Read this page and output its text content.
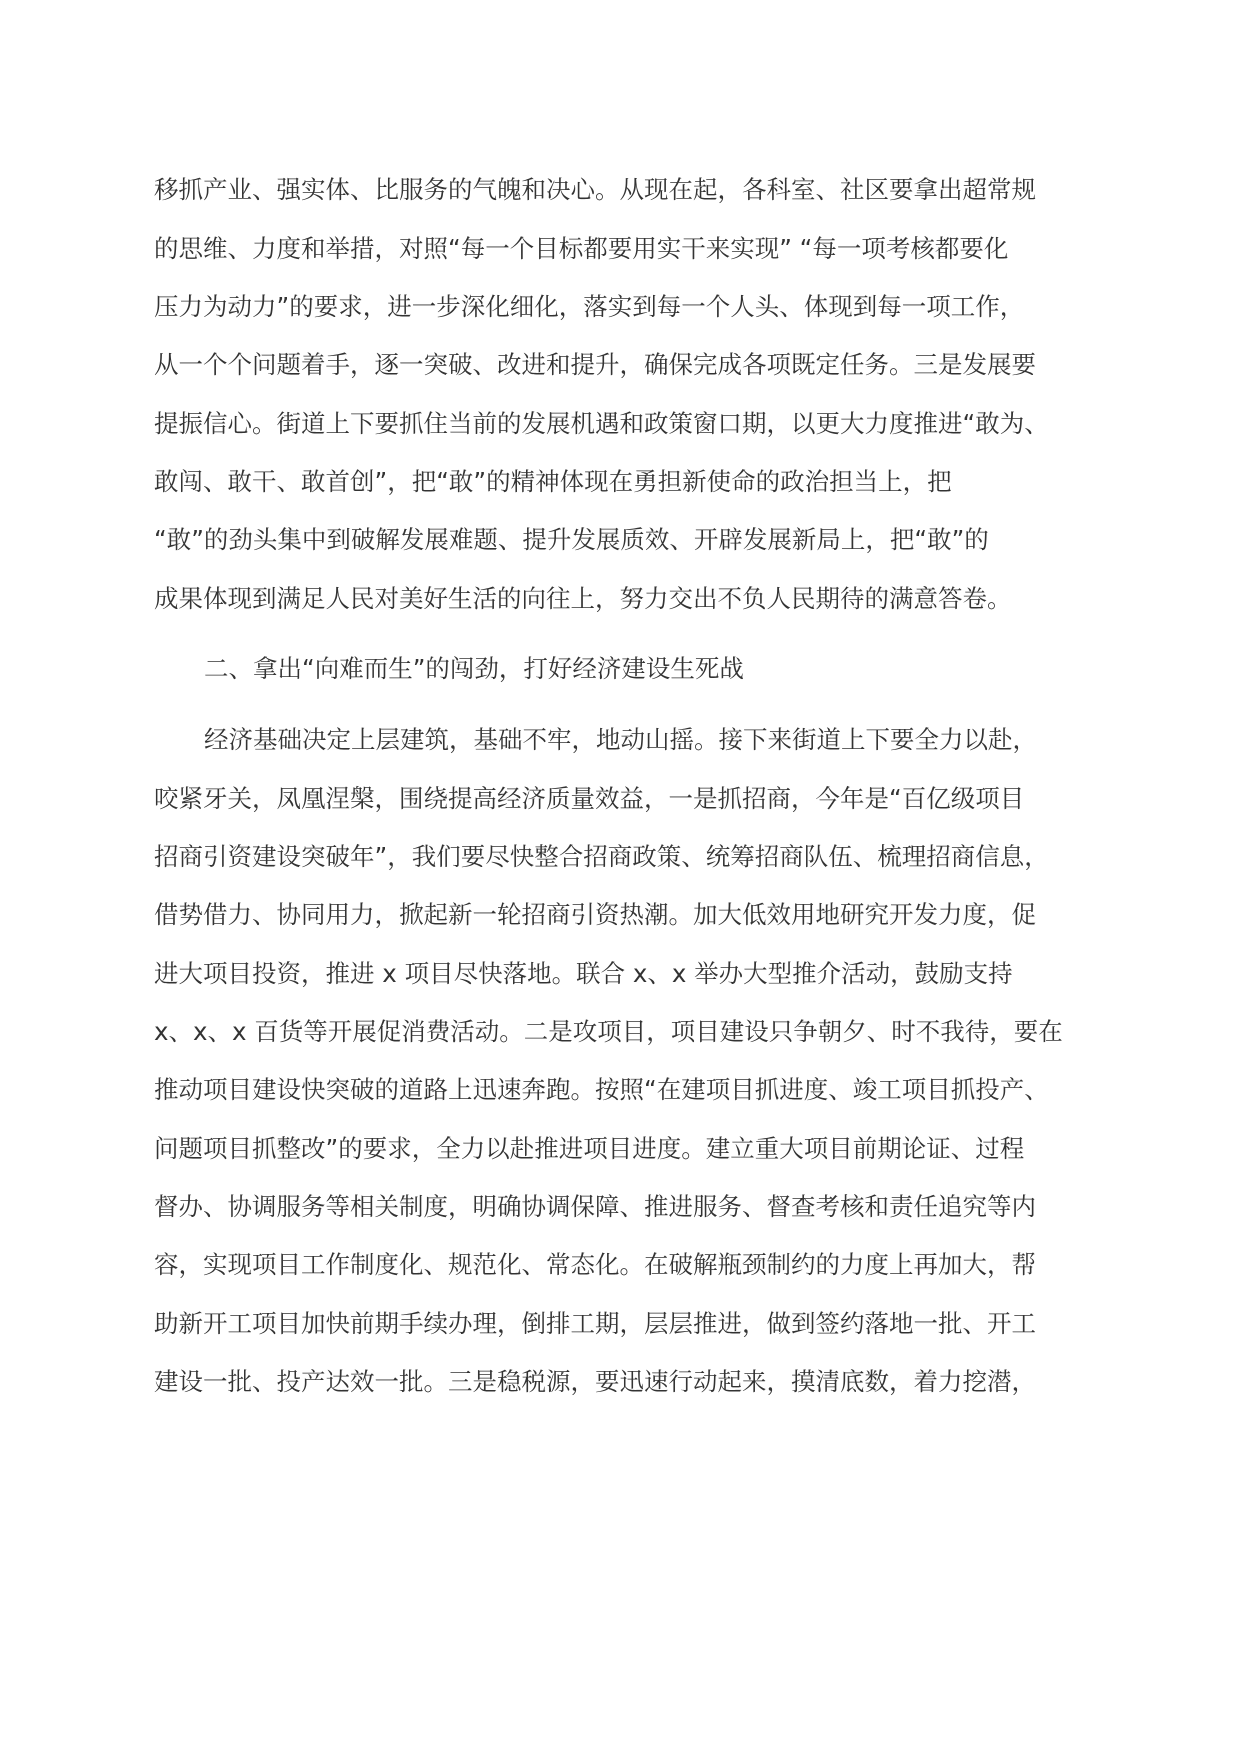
移抓产业、强实体、比服务的气魄和决心。从现在起，各科室、社区要拿出超常规
的思维、力度和举措，对照“每一个目标都要用实干来实现” “每一项考核都要化
压力为动力”的要求，进一步深化细化，落实到每一个人头、体现到每一项工作，
从一个个问题着手，逐一突破、改进和提升，确保完成各项既定任务。三是发展要
提振信心。街道上下要抓住当前的发展机遇和政策窗口期，以更大力度推进“敢为、
敢闯、敢干、敢首创”，把“敢”的精神体现在勇担新使命的政治担当上，把
“敢”的劲头集中到破解发展难题、提升发展质效、开辟发展新局上，把“敢”的
成果体现到满足人民对美好生活的向往上，努力交出不负人民期待的满意答卷。
二、拿出“向难而生”的闯劲，打好经济建设生死战
经济基础决定上层建筑，基础不牢，地动山摇。接下来街道上下要全力以赴，
咬紧牙关，凤凰涅槃，围绕提高经济质量效益，一是抓招商，今年是“百亿级项目
招商引资建设突破年”，我们要尽快整合招商政策、统筹招商队伍、梳理招商信息，
借势借力、协同用力，掀起新一轮招商引资热潮。加大低效用地研究开发力度，促
进大项目投资，推进 x 项目尽快落地。联合 x、x 举办大型推介活动，鼓励支持
x、x、x 百货等开展促消费活动。二是攻项目，项目建设只争朝夕、时不我待，要在
推动项目建设快突破的道路上迅速奔跑。按照“在建项目抓进度、竣工项目抓投产、
问题项目抓整改”的要求，全力以赴推进项目进度。建立重大项目前期论证、过程
督办、协调服务等相关制度，明确协调保障、推进服务、督查考核和责任追究等内
容，实现项目工作制度化、规范化、常态化。在破解瓶颈制约的力度上再加大，帮
助新开工项目加快前期手续办理，倒排工期，层层推进，做到签约落地一批、开工
建设一批、投产达效一批。三是稳税源，要迅速行动起来，摸清底数，着力挖潜，
